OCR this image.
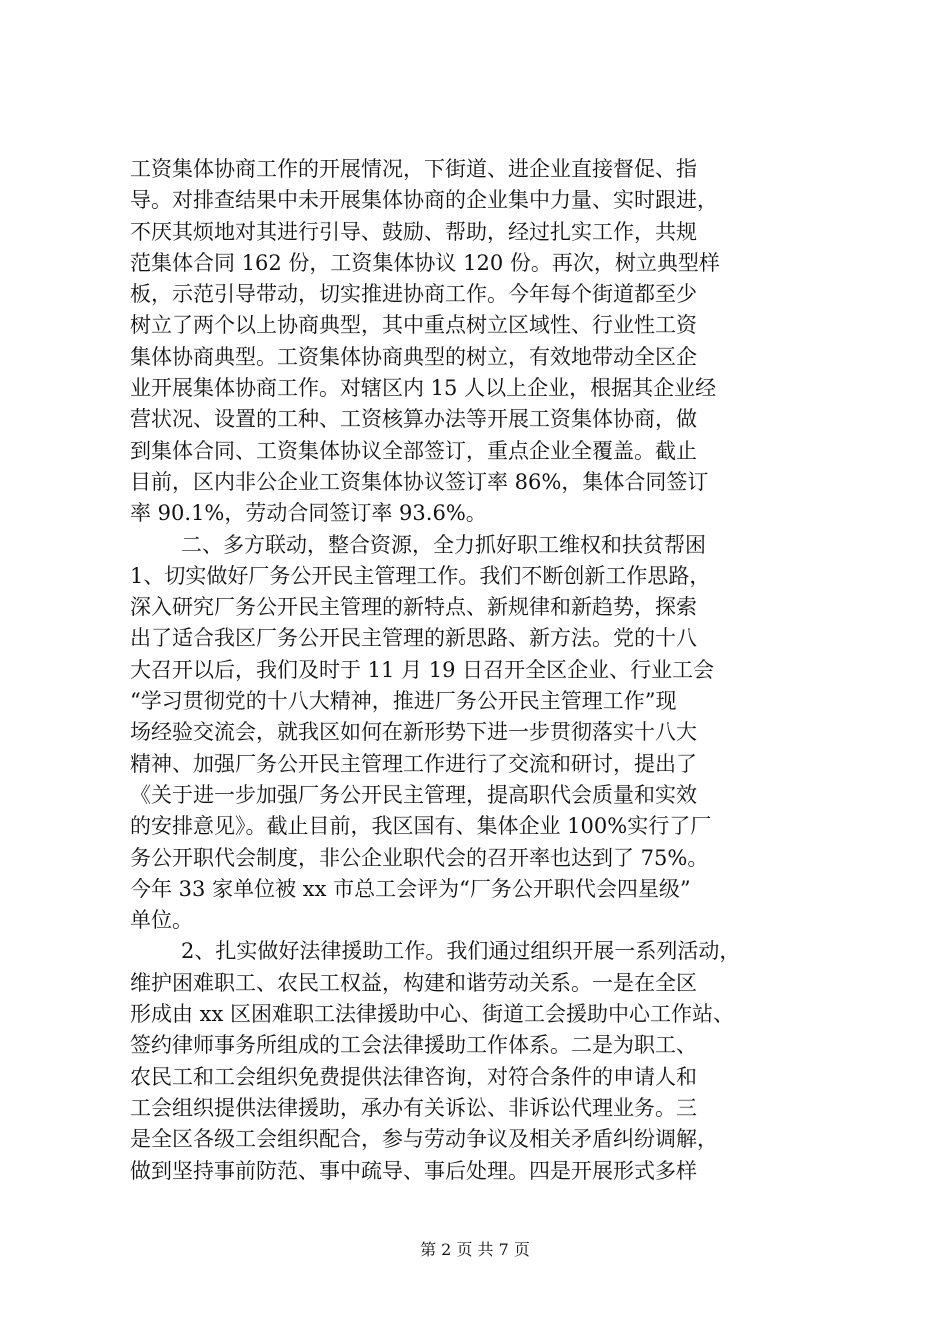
工资集体协商工作的开展情况，下街道、进企业直接督促、指
导。对排查结果中未开展集体协商的企业集中力量、实时跟进，
不厌其烦地对其进行引导、鼓励、帮助，经过扎实工作，共规
范集体合同 162 份，工资集体协议 120 份。再次，树立典型样
板，示范引导带动，切实推进协商工作。今年每个街道都至少
树立了两个以上协商典型，其中重点树立区域性、行业性工资
集体协商典型。工资集体协商典型的树立，有效地带动全区企
业开展集体协商工作。对辖区内 15 人以上企业，根据其企业经
营状况、设置的工种、工资核算办法等开展工资集体协商，做
到集体合同、工资集体协议全部签订，重点企业全覆盖。截止
目前，区内非公企业工资集体协议签订率 86%，集体合同签订
率 90.1%，劳动合同签订率 93.6%。
二、多方联动，整合资源，全力抓好职工维权和扶贫帮困
1、切实做好厂务公开民主管理工作。我们不断创新工作思路，
深入研究厂务公开民主管理的新特点、新规律和新趋势，探索
出了适合我区厂务公开民主管理的新思路、新方法。党的十八
大召开以后，我们及时于 11 月 19 日召开全区企业、行业工会
“学习贯彻党的十八大精神，推进厂务公开民主管理工作”现
场经验交流会，就我区如何在新形势下进一步贯彻落实十八大
精神、加强厂务公开民主管理工作进行了交流和研讨，提出了
《关于进一步加强厂务公开民主管理，提高职代会质量和实效
的安排意见》。截止目前，我区国有、集体企业 100%实行了厂
务公开职代会制度，非公企业职代会的召开率也达到了 75%。
今年 33 家单位被 xx 市总工会评为“厂务公开职代会四星级”
单位。
2、扎实做好法律援助工作。我们通过组织开展一系列活动，
维护困难职工、农民工权益，构建和谐劳动关系。一是在全区
形成由 xx 区困难职工法律援助中心、街道工会援助中心工作站、
签约律师事务所组成的工会法律援助工作体系。二是为职工、
农民工和工会组织免费提供法律咨询，对符合条件的申请人和
工会组织提供法律援助，承办有关诉讼、非诉讼代理业务。三
是全区各级工会组织配合，参与劳动争议及相关矛盾纠纷调解，
做到坚持事前防范、事中疏导、事后处理。四是开展形式多样
第 2 页 共 7 页
